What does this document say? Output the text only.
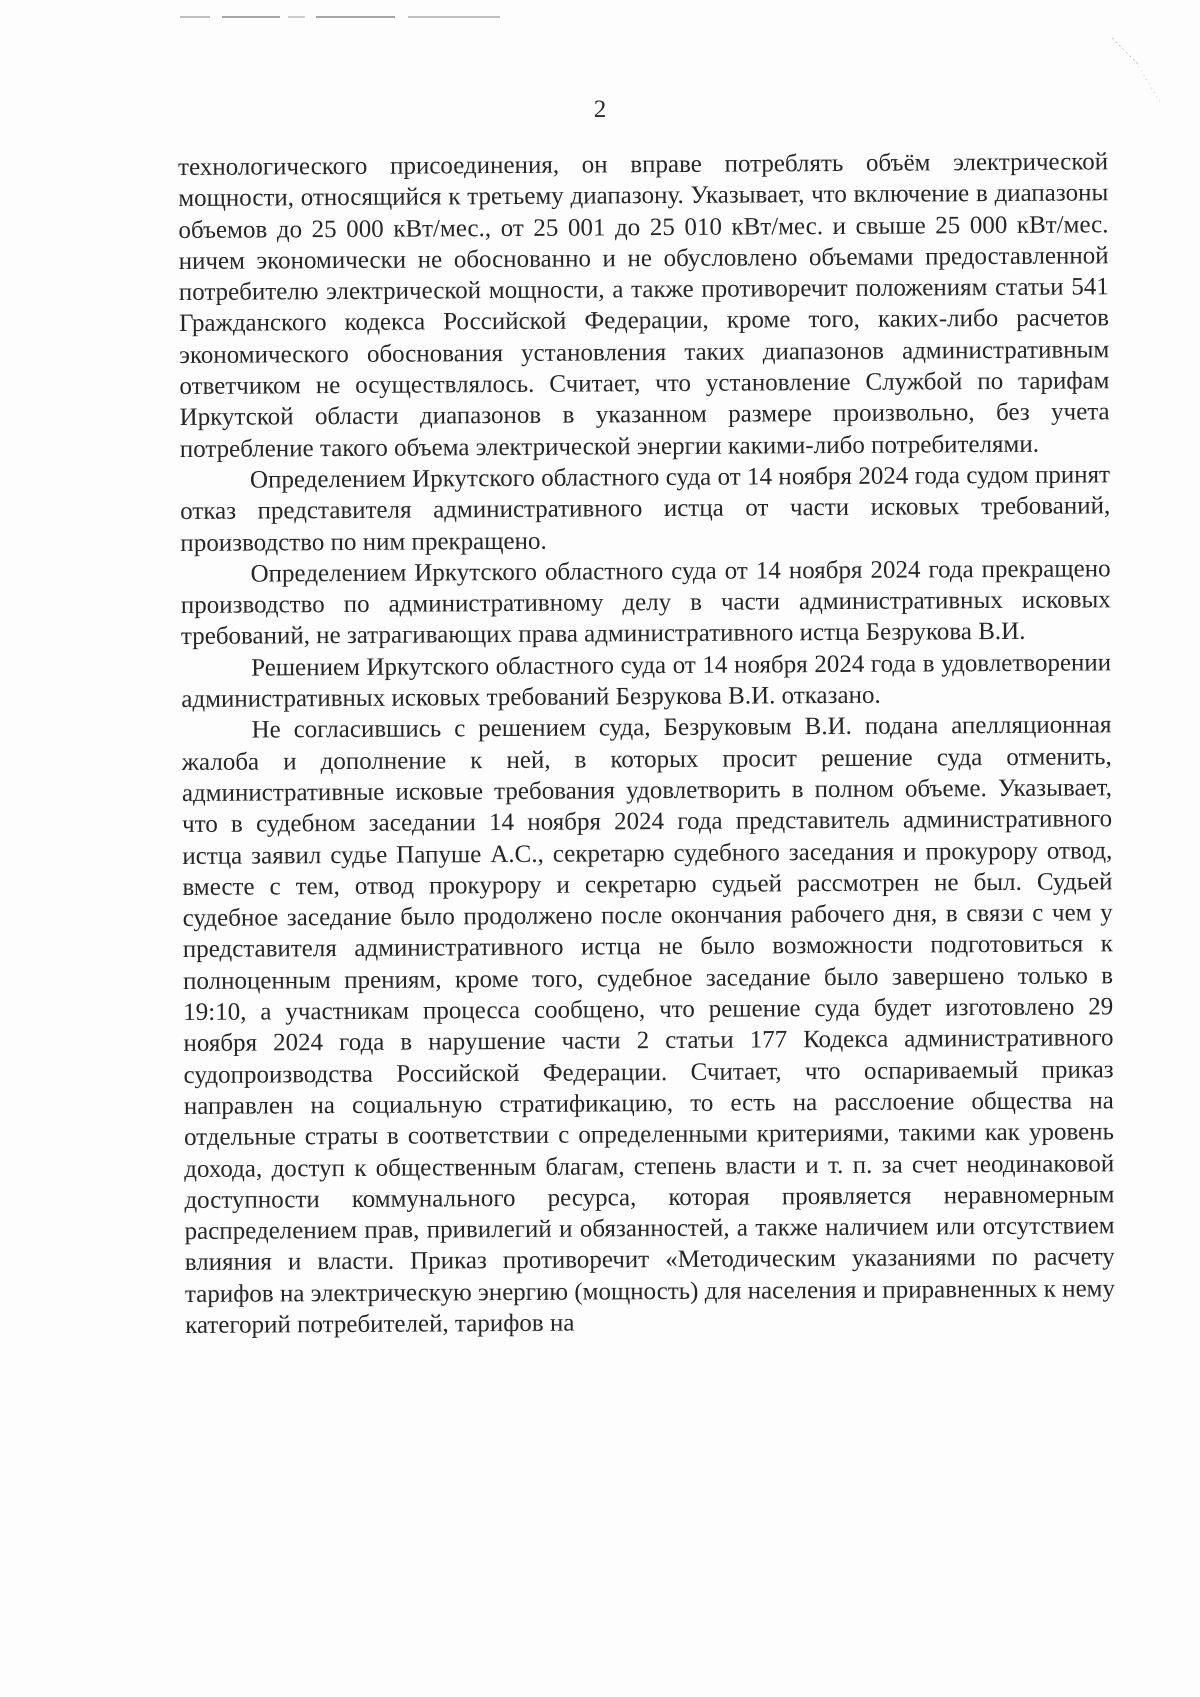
2

технологического присоединения, он вправе потреблять объём электрической мощности, относящийся к третьему диапазону. Указывает, что включение в диапазоны объемов до 25 000 кВт/мес., от 25 001 до 25 010 кВт/мес. и свыше 25 000 кВт/мес. ничем экономически не обоснованно и не обусловлено объемами предоставленной потребителю электрической мощности, а также противоречит положениям статьи 541 Гражданского кодекса Российской Федерации, кроме того, каких-либо расчетов экономического обоснования установления таких диапазонов административным ответчиком не осуществлялось. Считает, что установление Службой по тарифам Иркутской области диапазонов в указанном размере произвольно, без учета потребление такого объема электрической энергии какими-либо потребителями.

Определением Иркутского областного суда от 14 ноября 2024 года судом принят отказ представителя административного истца от части исковых требований, производство по ним прекращено.

Определением Иркутского областного суда от 14 ноября 2024 года прекращено производство по административному делу в части административных исковых требований, не затрагивающих права административного истца Безрукова В.И.

Решением Иркутского областного суда от 14 ноября 2024 года в удовлетворении административных исковых требований Безрукова В.И. отказано.

Не согласившись с решением суда, Безруковым В.И. подана апелляционная жалоба и дополнение к ней, в которых просит решение суда отменить, административные исковые требования удовлетворить в полном объеме. Указывает, что в судебном заседании 14 ноября 2024 года представитель административного истца заявил судье Папуше А.С., секретарю судебного заседания и прокурору отвод, вместе с тем, отвод прокурору и секретарю судьей рассмотрен не был. Судьей судебное заседание было продолжено после окончания рабочего дня, в связи с чем у представителя административного истца не было возможности подготовиться к полноценным прениям, кроме того, судебное заседание было завершено только в 19:10, а участникам процесса сообщено, что решение суда будет изготовлено 29 ноября 2024 года в нарушение части 2 статьи 177 Кодекса административного судопроизводства Российской Федерации. Считает, что оспариваемый приказ направлен на социальную стратификацию, то есть на расслоение общества на отдельные страты в соответствии с определенными критериями, такими как уровень дохода, доступ к общественным благам, степень власти и т. п. за счет неодинаковой доступности коммунального ресурса, которая проявляется неравномерным распределением прав, привилегий и обязанностей, а также наличием или отсутствием влияния и власти. Приказ противоречит «Методическим указаниями по расчету тарифов на электрическую энергию (мощность) для населения и приравненных к нему категорий потребителей, тарифов на
